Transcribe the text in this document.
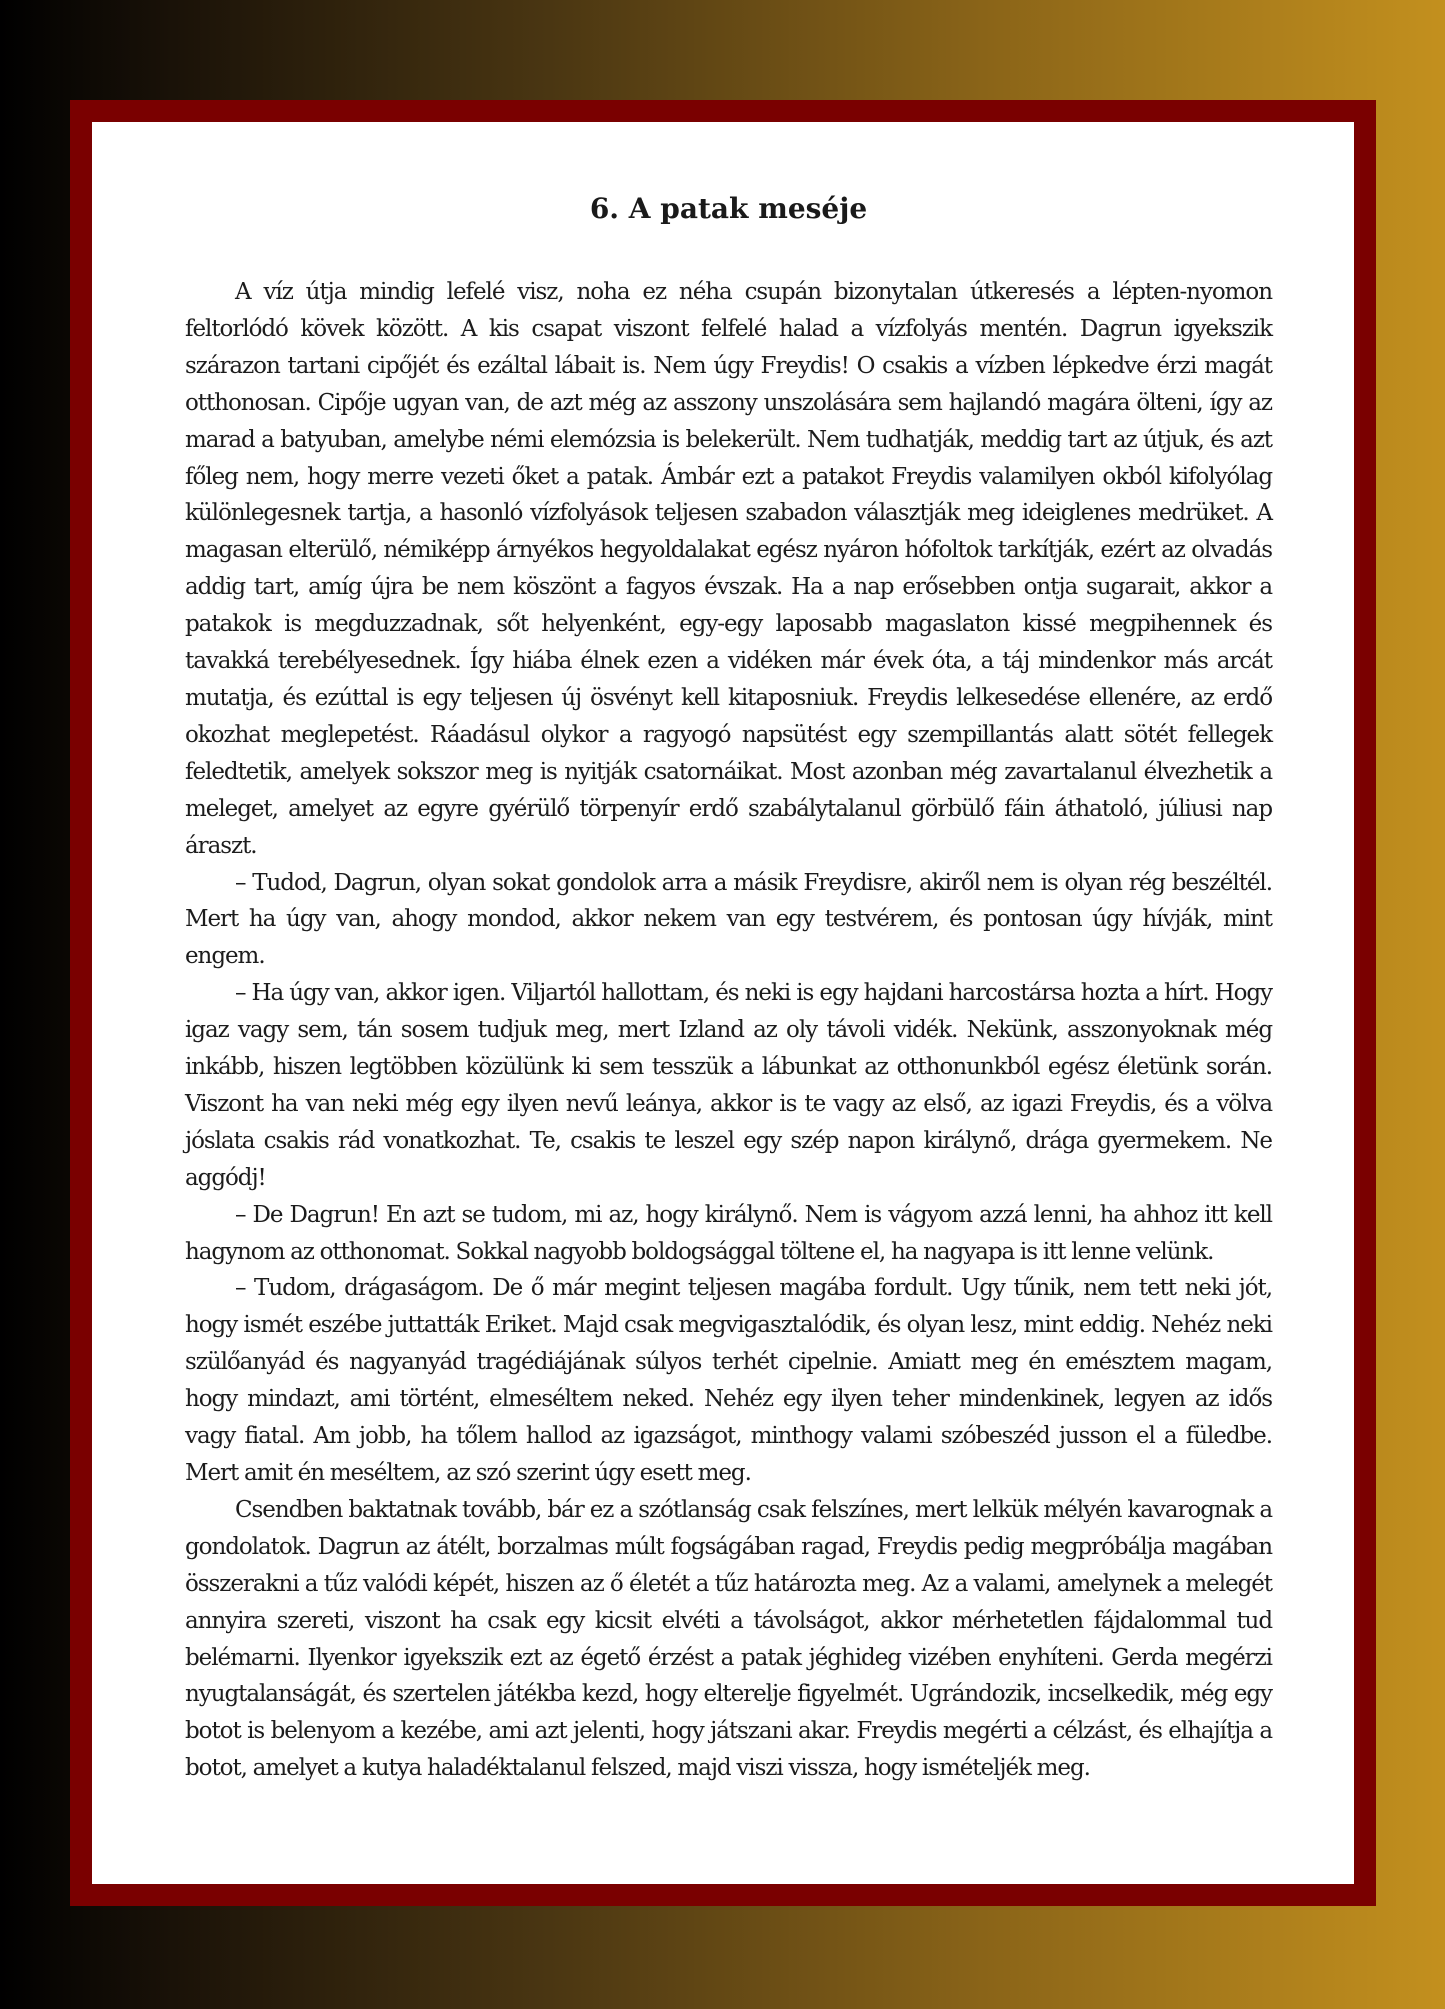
6. A patak meséje

A víz útja mindig lefelé visz, noha ez néha csupán bizonytalan útkeresés a lépten-nyomon feltorlódó kövek között. A kis csapat viszont felfelé halad a vízfolyás mentén. Dagrun igyekszik szárazon tartani cipőjét és ezáltal lábait is. Nem úgy Freydis! O csakis a vízben lépkedve érzi magát otthonosan. Cipője ugyan van, de azt még az asszony unszolására sem hajlandó magára ölteni, így az marad a batyuban, amelybe némi elemózsia is belekerült. Nem tudhatják, meddig tart az útjuk, és azt főleg nem, hogy merre vezeti őket a patak. Ámbár ezt a patakot Freydis valamilyen okból kifolyólag különlegesnek tartja, a hasonló vízfolyások teljesen szabadon választják meg ideiglenes medrüket. A magasan elterülő, némiképp árnyékos hegyoldalakat egész nyáron hófoltok tarkítják, ezért az olvadás addig tart, amíg újra be nem köszönt a fagyos évszak. Ha a nap erősebben ontja sugarait, akkor a patakok is megduzzadnak, sőt helyenként, egy-egy laposabb magaslaton kissé megpihennek és tavakká terebélyesednek. Így hiába élnek ezen a vidéken már évek óta, a táj mindenkor más arcát mutatja, és ezúttal is egy teljesen új ösvényt kell kitaposniuk. Freydis lelkesedése ellenére, az erdő okozhat meglepetést. Ráadásul olykor a ragyogó napsütést egy szempillantás alatt sötét fellegek feledtetik, amelyek sokszor meg is nyitják csatornáikat. Most azonban még zavartalanul élvezhetik a meleget, amelyet az egyre gyérülő törpenyír erdő szabálytalanul görbülő fáin áthatoló, júliusi nap áraszt.

– Tudod, Dagrun, olyan sokat gondolok arra a másik Freydisre, akiről nem is olyan rég beszéltél. Mert ha úgy van, ahogy mondod, akkor nekem van egy testvérem, és pontosan úgy hívják, mint engem.

– Ha úgy van, akkor igen. Viljartól hallottam, és neki is egy hajdani harcostársa hozta a hírt. Hogy igaz vagy sem, tán sosem tudjuk meg, mert Izland az oly távoli vidék. Nekünk, asszonyoknak még inkább, hiszen legtöbben közülünk ki sem tesszük a lábunkat az otthonunkból egész életünk során. Viszont ha van neki még egy ilyen nevű leánya, akkor is te vagy az első, az igazi Freydis, és a völva jóslata csakis rád vonatkozhat. Te, csakis te leszel egy szép napon királynő, drága gyermekem. Ne aggódj!

– De Dagrun! En azt se tudom, mi az, hogy királynő. Nem is vágyom azzá lenni, ha ahhoz itt kell hagynom az otthonomat. Sokkal nagyobb boldogsággal töltene el, ha nagyapa is itt lenne velünk.

– Tudom, drágaságom. De ő már megint teljesen magába fordult. Ugy tűnik, nem tett neki jót, hogy ismét eszébe juttatták Eriket. Majd csak megvigasztalódik, és olyan lesz, mint eddig. Nehéz neki szülőanyád és nagyanyád tragédiájának súlyos terhét cipelnie. Amiatt meg én emésztem magam, hogy mindazt, ami történt, elmeséltem neked. Nehéz egy ilyen teher mindenkinek, legyen az idős vagy fiatal. Am jobb, ha tőlem hallod az igazságot, minthogy valami szóbeszéd jusson el a füledbe. Mert amit én meséltem, az szó szerint úgy esett meg.

Csendben baktatnak tovább, bár ez a szótlanság csak felszínes, mert lelkük mélyén kavarognak a gondolatok. Dagrun az átélt, borzalmas múlt fogságában ragad, Freydis pedig megpróbálja magában összerakni a tűz valódi képét, hiszen az ő életét a tűz határozta meg. Az a valami, amelynek a melegét annyira szereti, viszont ha csak egy kicsit elvéti a távolságot, akkor mérhetetlen fájdalommal tud belémarni. Ilyenkor igyekszik ezt az égető érzést a patak jéghideg vizében enyhíteni. Gerda megérzi nyugtalanságát, és szertelen játékba kezd, hogy elterelje figyelmét. Ugrándozik, incselkedik, még egy botot is belenyom a kezébe, ami azt jelenti, hogy játszani akar. Freydis megérti a célzást, és elhajítja a botot, amelyet a kutya haladéktalanul felszed, majd viszi vissza, hogy ismételjék meg.
